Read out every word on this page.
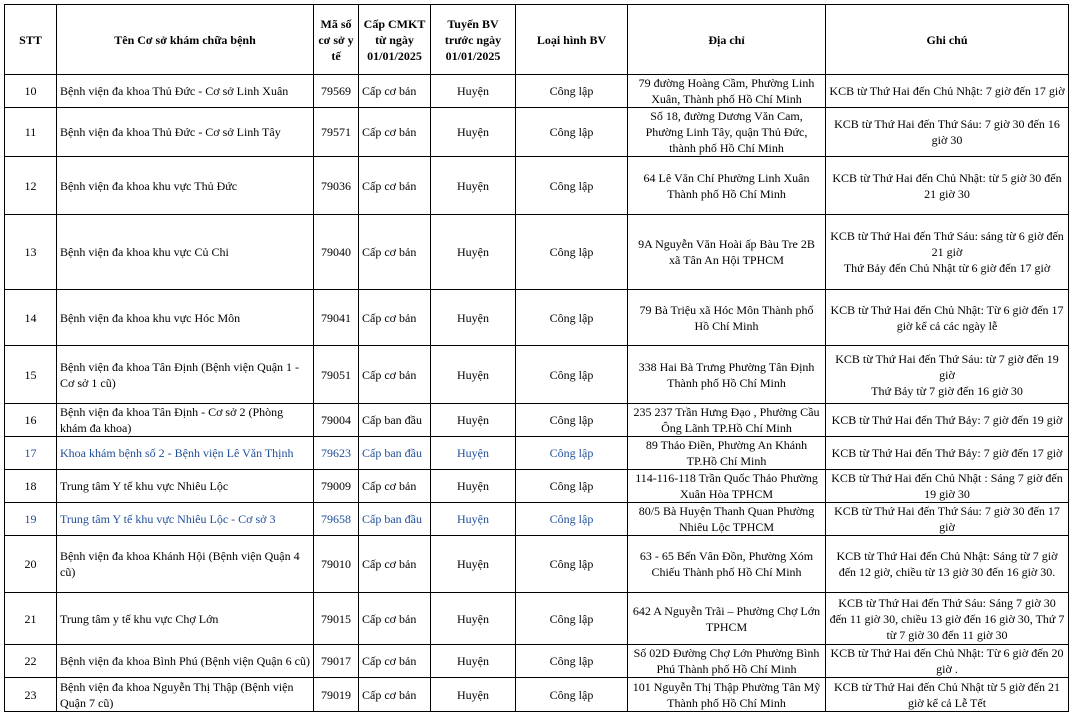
STT	Tên Cơ sở khám chữa bệnh	Mã số cơ sở y tế	Cấp CMKT từ ngày 01/01/2025	Tuyến BV trước ngày 01/01/2025	Loại hình BV	Địa chỉ	Ghi chú
10	Bệnh viện đa khoa Thủ Đức - Cơ sở Linh Xuân	79569	Cấp cơ bản	Huyện	Công lập	79 đường Hoàng Cầm, Phường Linh Xuân, Thành phố Hồ Chí Minh	KCB từ Thứ Hai đến Chủ Nhật: 7 giờ đến 17 giờ
11	Bệnh viện đa khoa Thủ Đức - Cơ sở Linh Tây	79571	Cấp cơ bản	Huyện	Công lập	Số 18, đường Dương Văn Cam, Phường Linh Tây, quận Thủ Đức, thành phố Hồ Chí Minh	KCB từ Thứ Hai đến Thứ Sáu: 7 giờ 30 đến 16 giờ 30
12	Bệnh viện đa khoa khu vực Thủ Đức	79036	Cấp cơ bản	Huyện	Công lập	64 Lê Văn Chí Phường Linh Xuân Thành phố Hồ Chí Minh	KCB từ Thứ Hai đến Chủ Nhật: từ 5 giờ 30 đến 21 giờ 30
13	Bệnh viện đa khoa khu vực Củ Chi	79040	Cấp cơ bản	Huyện	Công lập	9A Nguyễn Văn Hoài ấp Bàu Tre 2B xã Tân An Hội TPHCM	KCB từ Thứ Hai đến Thứ Sáu: sáng từ 6 giờ đến 21 giờ
Thứ Bảy đến Chủ Nhật từ 6 giờ đến 17 giờ
14	Bệnh viện đa khoa khu vực Hóc Môn	79041	Cấp cơ bản	Huyện	Công lập	79 Bà Triệu xã Hóc Môn Thành phố Hồ Chí Minh	KCB từ Thứ Hai đến Chủ Nhật: Từ 6 giờ đến 17 giờ kể cả các ngày lễ
15	Bệnh viện đa khoa Tân Định (Bệnh viện Quận 1 - Cơ sở 1 cũ)	79051	Cấp cơ bản	Huyện	Công lập	338 Hai Bà Trưng Phường Tân Định Thành phố Hồ Chí Minh	KCB từ Thứ Hai đến Thứ Sáu: từ 7 giờ đến 19 giờ
Thứ Bảy từ 7 giờ đến 16 giờ 30
16	Bệnh viện đa khoa Tân Định - Cơ sở 2 (Phòng khám đa khoa)	79004	Cấp ban đầu	Huyện	Công lập	235 237 Trần Hưng Đạo , Phường Cầu Ông Lãnh TP.Hồ Chí Minh	KCB từ Thứ Hai đến Thứ Bảy: 7 giờ đến 19 giờ
17	Khoa khám bệnh số 2 - Bệnh viện Lê Văn Thịnh	79623	Cấp ban đầu	Huyện	Công lập	89 Thảo Điền, Phường An Khánh TP.Hồ Chí Minh	KCB từ Thứ Hai đến Thứ Bảy: 7 giờ đến 17 giờ
18	Trung tâm Y tế khu vực Nhiêu Lộc	79009	Cấp cơ bản	Huyện	Công lập	114-116-118 Trần Quốc Thảo Phường Xuân Hòa TPHCM	KCB từ Thứ Hai đến Chủ Nhật : Sáng 7 giờ đến 19 giờ 30
19	Trung tâm Y tế khu vực Nhiêu Lộc - Cơ sở 3	79658	Cấp ban đầu	Huyện	Công lập	80/5 Bà Huyện Thanh Quan Phường Nhiêu Lộc TPHCM	KCB từ Thứ Hai đến Thứ Sáu: 7 giờ 30 đến 17 giờ
20	Bệnh viện đa khoa Khánh Hội (Bệnh viện Quận 4 cũ)	79010	Cấp cơ bản	Huyện	Công lập	63 - 65 Bến Vân Đồn, Phường Xóm Chiếu Thành phố Hồ Chí Minh	KCB từ Thứ Hai đến Chủ Nhật: Sáng từ 7 giờ đến 12 giờ, chiều từ 13 giờ 30 đến 16 giờ 30.
21	Trung tâm y tế khu vực Chợ Lớn	79015	Cấp cơ bản	Huyện	Công lập	642 A Nguyễn Trãi – Phường Chợ Lớn TPHCM	KCB từ Thứ Hai đến Thứ Sáu: Sáng 7 giờ 30 đến 11 giờ 30, chiều 13 giờ đến 16 giờ 30, Thứ 7 từ 7 giờ 30 đến 11 giờ 30
22	Bệnh viện đa khoa Bình Phú (Bệnh viện Quận 6 cũ)	79017	Cấp cơ bản	Huyện	Công lập	Số 02D Đường Chợ Lớn Phường Bình Phú Thành phố Hồ Chí Minh	KCB từ Thứ Hai đến Chủ Nhật: Từ 6 giờ đến 20 giờ .
23	Bệnh viện đa khoa Nguyễn Thị Thập (Bệnh viện Quận 7 cũ)	79019	Cấp cơ bản	Huyện	Công lập	101 Nguyễn Thị Thập Phường Tân Mỹ Thành phố Hồ Chí Minh	KCB từ Thứ Hai đến Chủ Nhật từ 5 giờ đến 21 giờ kể cả Lễ Tết
